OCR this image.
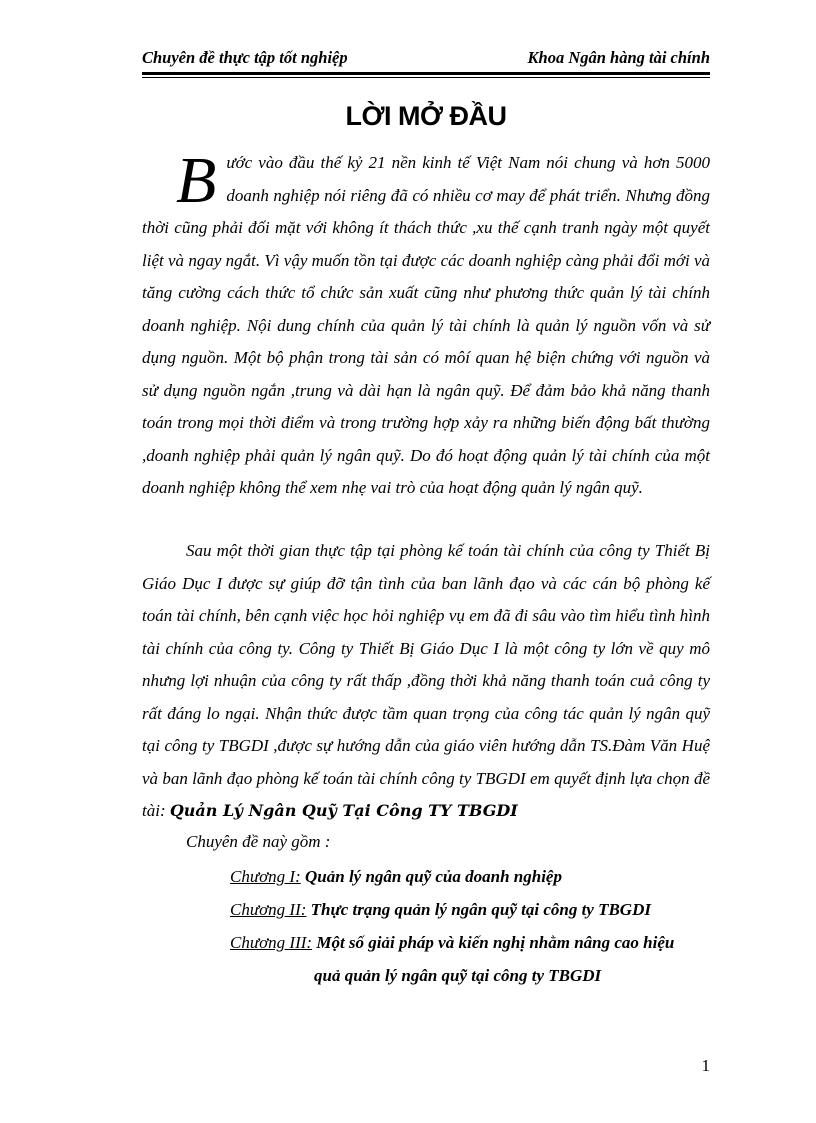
Chuyên đề thực tập tốt nghiệp	Khoa Ngân hàng tài chính
LỜI MỞ ĐẦU

Bước vào đầu thế kỷ 21 nền kinh tế Việt Nam nói chung và hơn 5000 doanh nghiệp nói riêng đã có nhiều cơ may để phát triển. Nhưng đồng thời cũng phải đối mặt với không ít thách thức ,xu thế cạnh tranh ngày một quyết liệt và ngay ngắt. Vì vậy muốn tồn tại được các doanh nghiệp càng phải đổi mới và tăng cường cách thức tổ chức sản xuất cũng như phương thức quản lý tài chính doanh nghiệp. Nội dung chính của quản lý tài chính là quản lý nguồn vốn và sử dụng nguồn. Một bộ phận trong tài sản có môí quan hệ biện chứng với nguồn và sử dụng nguồn ngắn ,trung và dài hạn là ngân quỹ. Để đảm bảo khả năng thanh toán trong mọi thời điểm và trong trường hợp xảy ra những biến động bất thường ,doanh nghiệp phải quản lý ngân quỹ. Do đó hoạt động quản lý tài chính của một doanh nghiệp không thể xem nhẹ vai trò của hoạt động quản lý ngân quỹ.

Sau một thời gian thực tập tại phòng kế toán tài chính của công ty Thiết Bị Giáo Dục I được sự giúp đỡ tận tình của ban lãnh đạo và các cán bộ phòng kế toán tài chính, bên cạnh việc học hỏi nghiệp vụ em đã đi sâu vào tìm hiểu tình hình tài chính của công ty. Công ty Thiết Bị Giáo Dục I là một công ty lớn về quy mô nhưng lợi nhuận của công ty rất thấp ,đồng thời khả năng thanh toán cuả công ty rất đáng lo ngại. Nhận thức được tầm quan trọng của công tác quản lý ngân quỹ tại công ty TBGDI ,được sự hướng dẫn của giáo viên hướng dẫn TS.Đàm Văn Huệ và ban lãnh đạo phòng kế toán tài chính công ty TBGDI em quyết định lựa chọn đề tài: Quản Lý Ngân Quỹ Tại Công TY TBGDI

Chuyên đề naỳ gồm :

Chương I: Quản lý ngân quỹ của doanh nghiệp

Chương II: Thực trạng quản lý ngân quỹ tại công ty TBGDI

Chương III: Một số giải pháp và kiến nghị nhằm nâng cao hiệu
quả quản lý ngân quỹ tại công ty TBGDI

1
